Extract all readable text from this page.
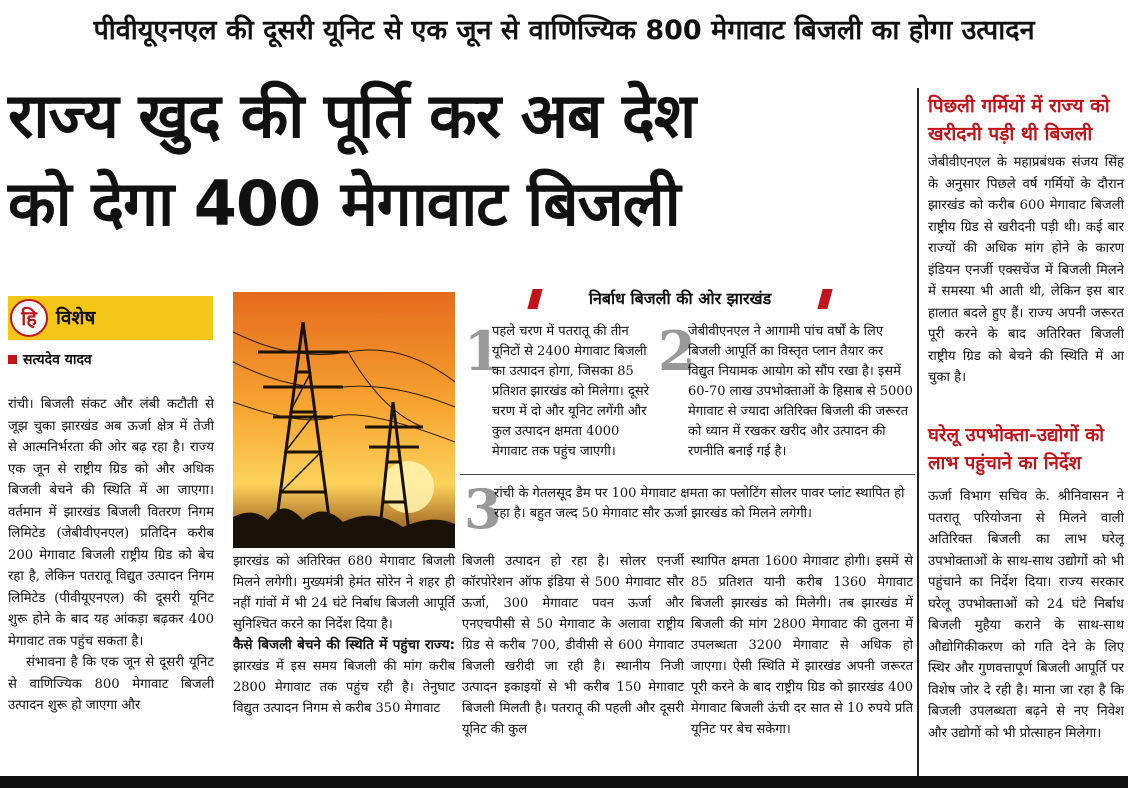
पीवीयूएनएल की दूसरी यूनिट से एक जून से वाणिज्यिक 800 मेगावाट बिजली का होगा उत्पादन
राज्य खुद की पूर्ति कर अब देश
को देगा 400 मेगावाट बिजली
पिछली गर्मियों में राज्य को खरीदनी पड़ी थी बिजली
जेबीवीएनएल के महाप्रबंधक संजय सिंह के अनुसार पिछले वर्ष गर्मियों के दौरान झारखंड को करीब 600 मेगावाट बिजली राष्ट्रीय ग्रिड से खरीदनी पड़ी थी। कई बार राज्यों की अधिक मांग होने के कारण इंडियन एनर्जी एक्सचेंज में बिजली मिलने में समस्या भी आती थी, लेकिन इस बार हालात बदले हुए हैं। राज्य अपनी जरूरत पूरी करने के बाद अतिरिक्त बिजली राष्ट्रीय ग्रिड को बेचने की स्थिति में आ चुका है।
घरेलू उपभोक्ता-उद्योगों को लाभ पहुंचाने का निर्देश
ऊर्जा विभाग सचिव के. श्रीनिवासन ने पतरातू परियोजना से मिलने वाली अतिरिक्त बिजली का लाभ घरेलू उपभोक्ताओं के साथ-साथ उद्योगों को भी पहुंचाने का निर्देश दिया। राज्य सरकार घरेलू उपभोक्ताओं को 24 घंटे निर्बाध बिजली मुहैया कराने के साथ-साथ औद्योगिकीकरण को गति देने के लिए स्थिर और गुणवत्तापूर्ण बिजली आपूर्ति पर विशेष जोर दे रही है। माना जा रहा है कि बिजली उपलब्धता बढ़ने से नए निवेश और उद्योगों को भी प्रोत्साहन मिलेगा।
हि	विशेष
सत्यदेव यादव
रांची। बिजली संकट और लंबी कटौती से जूझ चुका झारखंड अब ऊर्जा क्षेत्र में तेजी से आत्मनिर्भरता की ओर बढ़ रहा है। राज्य एक जून से राष्ट्रीय ग्रिड को और अधिक बिजली बेचने की स्थिति में आ जाएगा। वर्तमान में झारखंड बिजली वितरण निगम लिमिटेड (जेबीवीएनएल) प्रतिदिन करीब 200 मेगावाट बिजली राष्ट्रीय ग्रिड को बेच रहा है, लेकिन पतरातू विद्युत उत्पादन निगम लिमिटेड (पीवीयूएनएल) की दूसरी यूनिट शुरू होने के बाद यह आंकड़ा बढ़कर 400 मेगावाट तक पहुंच सकता है।
संभावना है कि एक जून से दूसरी यूनिट से वाणिज्यिक 800 मेगावाट बिजली उत्पादन शुरू हो जाएगा और
निर्बाध बिजली की ओर झारखंड
1
पहले चरण में पतरातू की तीन यूनिटों से 2400 मेगावाट बिजली का उत्पादन होगा, जिसका 85 प्रतिशत झारखंड को मिलेगा। दूसरे चरण में दो और यूनिट लगेंगी और कुल उत्पादन क्षमता 4000 मेगावाट तक पहुंच जाएगी।
2
जेबीवीएनएल ने आगामी पांच वर्षों के लिए बिजली आपूर्ति का विस्तृत प्लान तैयार कर विद्युत नियामक आयोग को सौंप रखा है। इसमें 60-70 लाख उपभोक्ताओं के हिसाब से 5000 मेगावाट से ज्यादा अतिरिक्त बिजली की जरूरत को ध्यान में रखकर खरीद और उत्पादन की रणनीति बनाई गई है।
3
रांची के गेतलसूद डैम पर 100 मेगावाट क्षमता का फ्लोटिंग सोलर पावर प्लांट स्थापित हो रहा है। बहुत जल्द 50 मेगावाट सौर ऊर्जा झारखंड को मिलने लगेगी।
झारखंड को अतिरिक्त 680 मेगावाट बिजली मिलने लगेगी। मुख्यमंत्री हेमंत सोरेन ने शहर ही नहीं गांवों में भी 24 घंटे निर्बाध बिजली आपूर्ति सुनिश्चित करने का निर्देश दिया है।
कैसे बिजली बेचने की स्थिति में पहुंचा राज्य: झारखंड में इस समय बिजली की मांग करीब 2800 मेगावाट तक पहुंच रही है। तेनुघाट विद्युत उत्पादन निगम से करीब 350 मेगावाट
बिजली उत्पादन हो रहा है। सोलर एनर्जी कॉरपोरेशन ऑफ इंडिया से 500 मेगावाट सौर ऊर्जा, 300 मेगावाट पवन ऊर्जा और एनएचपीसी से 50 मेगावाट के अलावा राष्ट्रीय ग्रिड से करीब 700, डीवीसी से 600 मेगावाट बिजली खरीदी जा रही है। स्थानीय निजी उत्पादन इकाइयों से भी करीब 150 मेगावाट बिजली मिलती है। पतरातू की पहली और दूसरी यूनिट की कुल
स्थापित क्षमता 1600 मेगावाट होगी। इसमें से 85 प्रतिशत यानी करीब 1360 मेगावाट बिजली झारखंड को मिलेगी। तब झारखंड में बिजली की मांग 2800 मेगावाट की तुलना में उपलब्धता 3200 मेगावाट से अधिक हो जाएगा। ऐसी स्थिति में झारखंड अपनी जरूरत पूरी करने के बाद राष्ट्रीय ग्रिड को झारखंड 400 मेगावाट बिजली ऊंची दर सात से 10 रुपये प्रति यूनिट पर बेच सकेगा।
